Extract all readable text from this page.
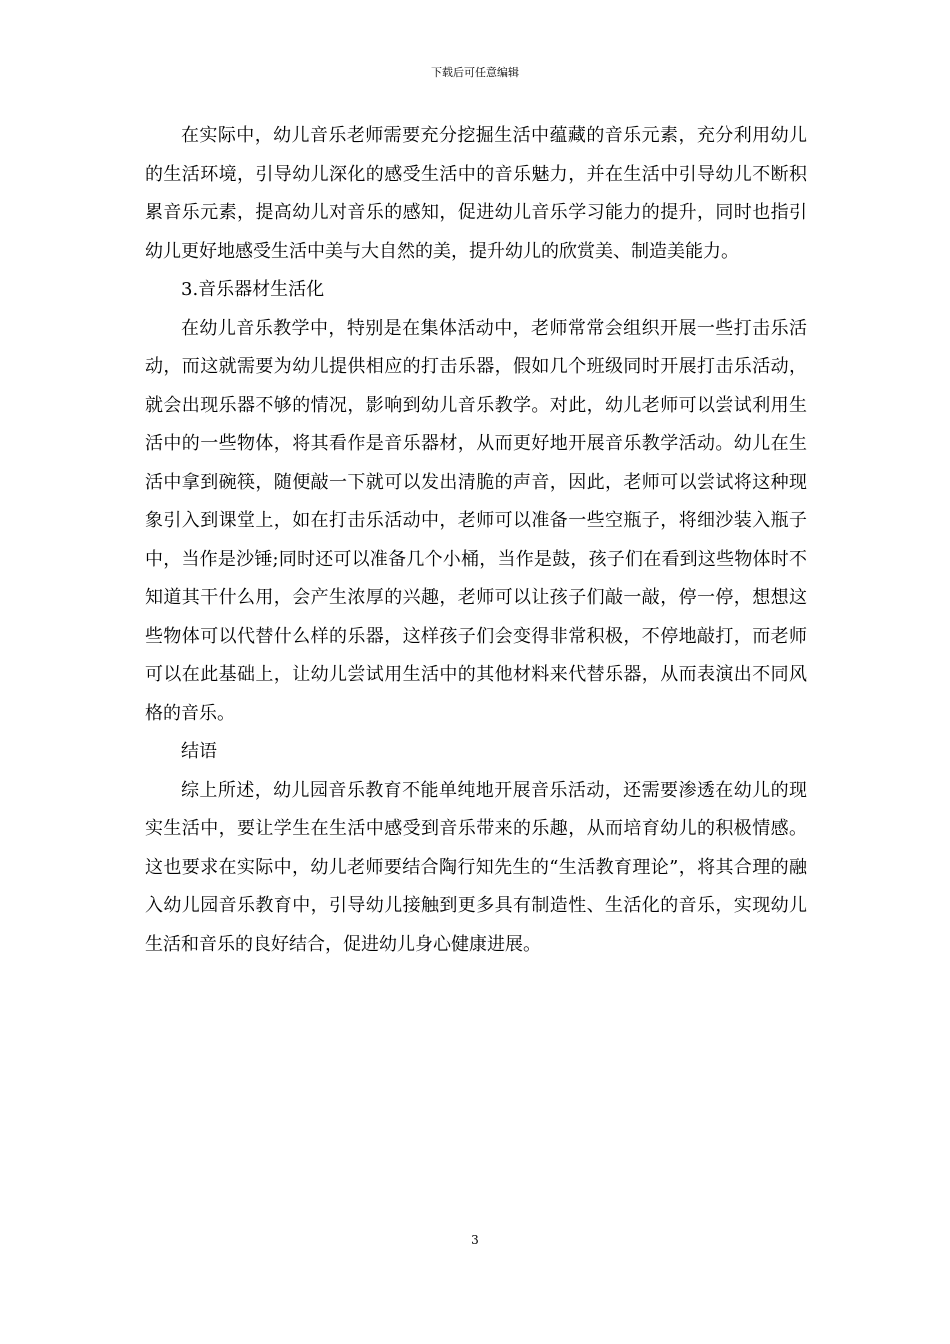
下载后可任意编辑

在实际中，幼儿音乐老师需要充分挖掘生活中蕴藏的音乐元素，充分利用幼儿的生活环境，引导幼儿深化的感受生活中的音乐魅力，并在生活中引导幼儿不断积累音乐元素，提高幼儿对音乐的感知，促进幼儿音乐学习能力的提升，同时也指引幼儿更好地感受生活中美与大自然的美，提升幼儿的欣赏美、制造美能力。

3.音乐器材生活化

在幼儿音乐教学中，特别是在集体活动中，老师常常会组织开展一些打击乐活动，而这就需要为幼儿提供相应的打击乐器，假如几个班级同时开展打击乐活动，就会出现乐器不够的情况，影响到幼儿音乐教学。对此，幼儿老师可以尝试利用生活中的一些物体，将其看作是音乐器材，从而更好地开展音乐教学活动。幼儿在生活中拿到碗筷，随便敲一下就可以发出清脆的声音，因此，老师可以尝试将这种现象引入到课堂上，如在打击乐活动中，老师可以准备一些空瓶子，将细沙装入瓶子中，当作是沙锤;同时还可以准备几个小桶，当作是鼓，孩子们在看到这些物体时不知道其干什么用，会产生浓厚的兴趣，老师可以让孩子们敲一敲，停一停，想想这些物体可以代替什么样的乐器，这样孩子们会变得非常积极，不停地敲打，而老师可以在此基础上，让幼儿尝试用生活中的其他材料来代替乐器，从而表演出不同风格的音乐。

结语

综上所述，幼儿园音乐教育不能单纯地开展音乐活动，还需要渗透在幼儿的现实生活中，要让学生在生活中感受到音乐带来的乐趣，从而培育幼儿的积极情感。这也要求在实际中，幼儿老师要结合陶行知先生的“生活教育理论”，将其合理的融入幼儿园音乐教育中，引导幼儿接触到更多具有制造性、生活化的音乐，实现幼儿生活和音乐的良好结合，促进幼儿身心健康进展。

3
